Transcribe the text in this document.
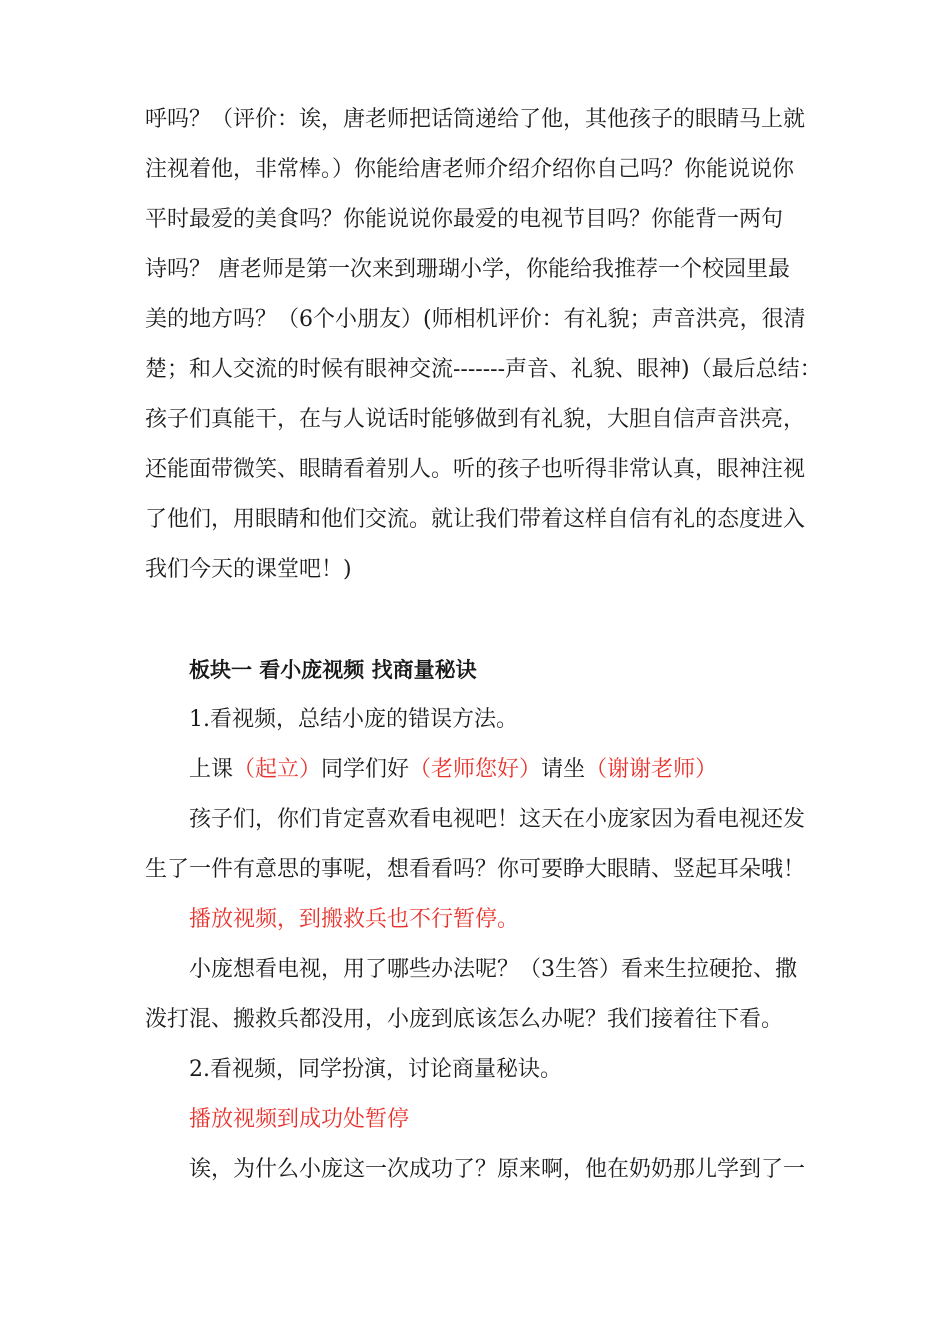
呼吗？（评价：诶，唐老师把话筒递给了他，其他孩子的眼睛马上就
注视着他，非常棒。）你能给唐老师介绍介绍你自己吗？你能说说你
平时最爱的美食吗？你能说说你最爱的电视节目吗？你能背一两句
诗吗？ 唐老师是第一次来到珊瑚小学，你能给我推荐一个校园里最
美的地方吗？（6个小朋友）(师相机评价：有礼貌；声音洪亮，很清
楚；和人交流的时候有眼神交流-------声音、礼貌、眼神)（最后总结：
孩子们真能干，在与人说话时能够做到有礼貌，大胆自信声音洪亮，
还能面带微笑、眼睛看着别人。听的孩子也听得非常认真，眼神注视
了他们，用眼睛和他们交流。就让我们带着这样自信有礼的态度进入
我们今天的课堂吧！)
板块一 看小庞视频 找商量秘诀
1.看视频，总结小庞的错误方法。
上课（起立）同学们好（老师您好）请坐（谢谢老师）
孩子们，你们肯定喜欢看电视吧！这天在小庞家因为看电视还发
生了一件有意思的事呢，想看看吗？你可要睁大眼睛、竖起耳朵哦！
播放视频，到搬救兵也不行暂停。
小庞想看电视，用了哪些办法呢？（3生答）看来生拉硬抢、撒
泼打混、搬救兵都没用，小庞到底该怎么办呢？我们接着往下看。
2.看视频，同学扮演，讨论商量秘诀。
播放视频到成功处暂停
诶，为什么小庞这一次成功了？原来啊，他在奶奶那儿学到了一
